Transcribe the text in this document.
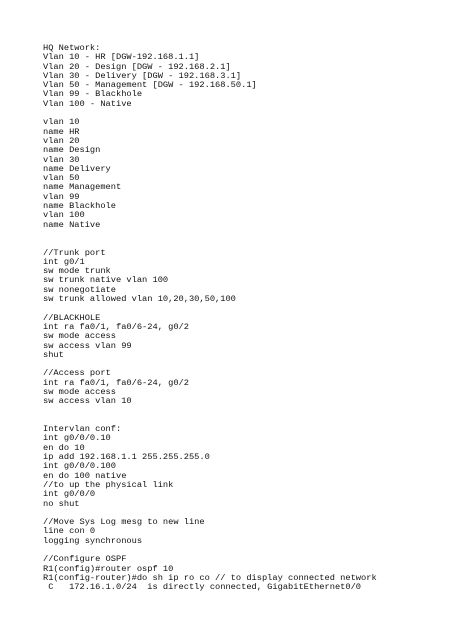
HQ Network:
Vlan 10 - HR [DGW-192.168.1.1]
Vlan 20 - Design [DGW - 192.168.2.1]
Vlan 30 - Delivery [DGW - 192.168.3.1]
Vlan 50 - Management [DGW - 192.168.50.1]
Vlan 99 - Blackhole
Vlan 100 - Native
vlan 10
name HR
vlan 20
name Design
vlan 30
name Delivery
vlan 50
name Management
vlan 99
name Blackhole
vlan 100
name Native
//Trunk port
int g0/1
sw mode trunk
sw trunk native vlan 100
sw nonegotiate
sw trunk allowed vlan 10,20,30,50,100
//BLACKHOLE
int ra fa0/1, fa0/6-24, g0/2
sw mode access
sw access vlan 99
shut
//Access port
int ra fa0/1, fa0/6-24, g0/2
sw mode access
sw access vlan 10
Intervlan conf:
int g0/0/0.10
en do 10
ip add 192.168.1.1 255.255.255.0
int g0/0/0.100
en do 100 native
//to up the physical link
int g0/0/0
no shut
//Move Sys Log mesg to new line
line con 0
logging synchronous
//Configure OSPF
R1(config)#router ospf 10
R1(config-router)#do sh ip ro co // to display connected network
C   172.16.1.0/24  is directly connected, GigabitEthernet0/0
